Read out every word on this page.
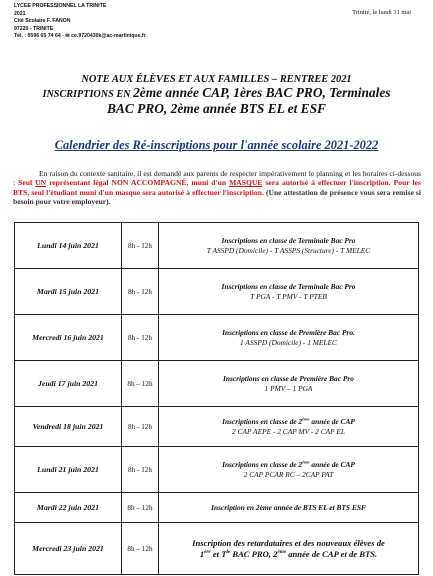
LYCEE PROFESSIONNEL LA TRINITE
2021
Cité Scolaire F. FANON
97220 - TRINITE
Tél. : 0596 65 74 64 - ✉ ce.9720430k@ac-martinique.fr
Trinité, le lundi 31 mai
NOTE AUX ÉLÈVES ET AUX FAMILLES – RENTREE 2021
INSCRIPTIONS EN 2ème année CAP, 1ères BAC PRO, Terminales
BAC PRO, 2ème année BTS EL et ESF
Calendrier des Ré-inscriptions pour l'année scolaire 2021-2022
En raison du contexte sanitaire, il est demandé aux parents de respecter impérativement le planning et les horaires ci-dessous : Seul UN représentant légal NON ACCOMPAGNÉ, muni d'un MASQUE sera autorisé à effectuer l'inscription. Pour les BTS, seul l'étudiant muni d'un masque sera autorisé à effectuer l'inscription. (Une attestation de présence vous sera remise si besoin pour votre employeur).
Lundi 14 juin 2021	8h - 12h	Inscriptions en classe de Terminale Bac Pro
T ASSPD (Domicile) - T ASSPS (Structure) - T MELEC

Mardi 15 juin 2021	8h - 12h	Inscriptions en classe de Terminale Bac Pro
T PGA - T PMV - T PTEB

Mercredi 16 juin 2021	8h - 12h	Inscriptions en classe de Première Bac Pro.
1 ASSPD (Domicile) - 1 MELEC

Jeudi 17 juin 2021	8h – 12h	Inscriptions en classe de Première Bac Pro
1 PMV – 1 PGA

Vendredi 18 juin 2021	8h - 12h	Inscriptions en classe de 2ème année de CAP
2 CAP AEPE - 2 CAP MV - 2 CAP EL

Lundi 21 juin 2021	8h - 12h	Inscriptions en classe de 2ème année de CAP
2 CAP PCAR RC – 2CAP PAT

Mardi 22 juin 2021	8h – 12h	Inscription en 2ème année de BTS EL et BTS ESF

Mercredi 23 juin 2021	8h – 12h	Inscription des retardataires et des nouveaux élèves de
1ère et $T^{le}$ BAC PRO, 2ème année de CAP et de BTS.
